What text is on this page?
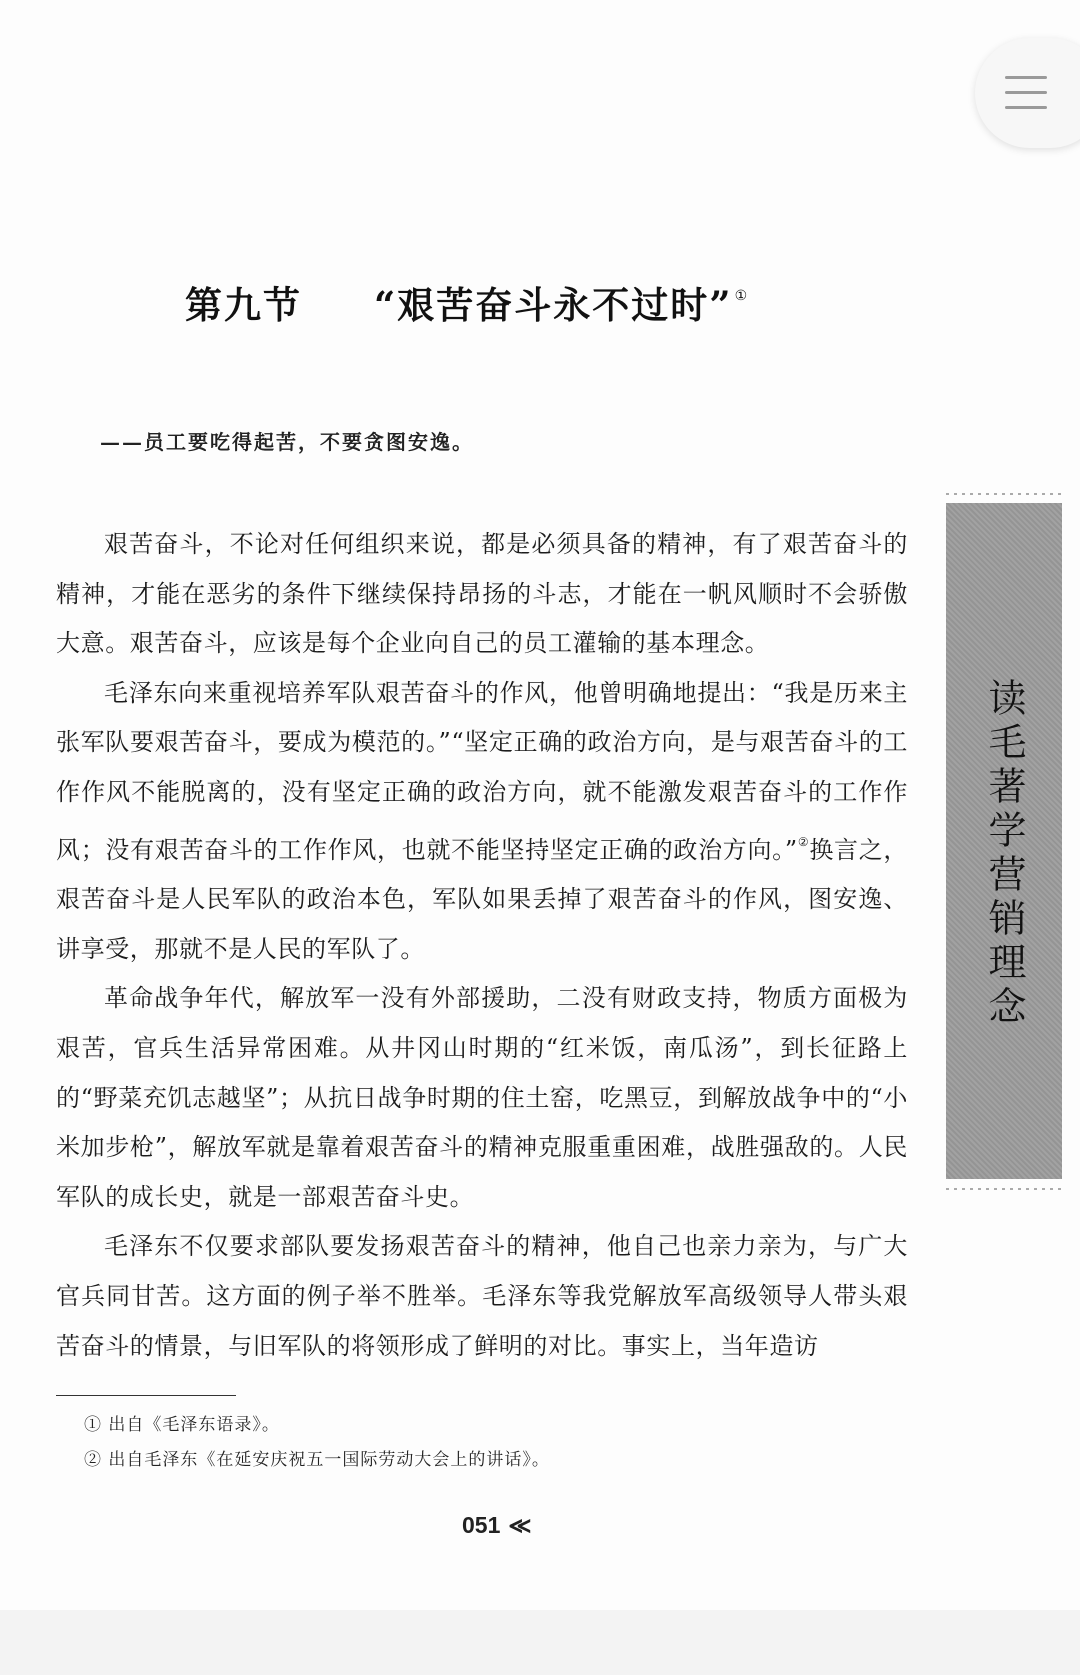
第九节 “艰苦奋斗永不过时” ①

——员工要吃得起苦，不要贪图安逸。

读毛著学营销理念

艰苦奋斗，不论对任何组织来说，都是必须具备的精神，有了艰苦奋斗的精神，才能在恶劣的条件下继续保持昂扬的斗志，才能在一帆风顺时不会骄傲大意。艰苦奋斗，应该是每个企业向自己的员工灌输的基本理念。

毛泽东向来重视培养军队艰苦奋斗的作风，他曾明确地提出：“我是历来主张军队要艰苦奋斗，要成为模范的。”“坚定正确的政治方向，是与艰苦奋斗的工作作风不能脱离的，没有坚定正确的政治方向，就不能激发艰苦奋斗的工作作风；没有艰苦奋斗的工作作风，也就不能坚持坚定正确的政治方向。”②换言之，艰苦奋斗是人民军队的政治本色，军队如果丢掉了艰苦奋斗的作风，图安逸、讲享受，那就不是人民的军队了。

革命战争年代，解放军一没有外部援助，二没有财政支持，物质方面极为艰苦，官兵生活异常困难。从井冈山时期的“红米饭，南瓜汤”，到长征路上的“野菜充饥志越坚”；从抗日战争时期的住土窑，吃黑豆，到解放战争中的“小米加步枪”，解放军就是靠着艰苦奋斗的精神克服重重困难，战胜强敌的。人民军队的成长史，就是一部艰苦奋斗史。

毛泽东不仅要求部队要发扬艰苦奋斗的精神，他自己也亲力亲为，与广大官兵同甘苦。这方面的例子举不胜举。毛泽东等我党解放军高级领导人带头艰苦奋斗的情景，与旧军队的将领形成了鲜明的对比。事实上，当年造访

① 出自《毛泽东语录》。
② 出自毛泽东《在延安庆祝五一国际劳动大会上的讲话》。
051 ≪
